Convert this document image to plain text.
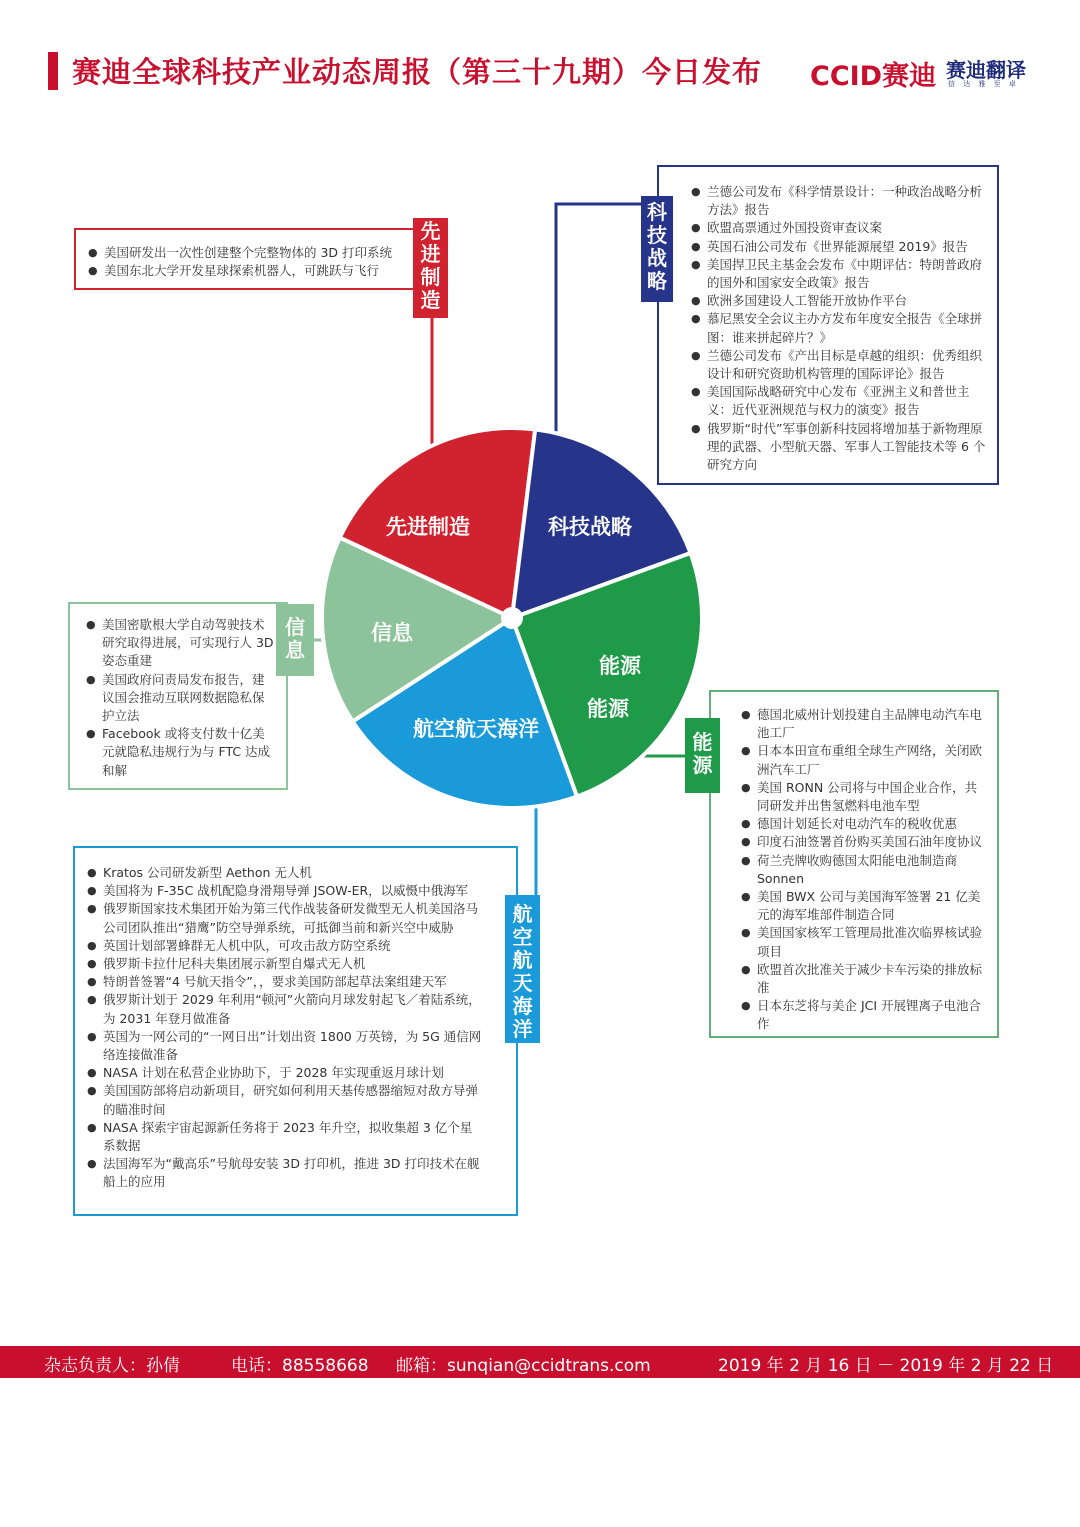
赛迪全球科技产业动态周报（第三十九期）今日发布 CCID赛迪 赛迪翻译
信 达 雅 至 卓
先进制造	科技战略
能源
航空航天海洋
信息
能源
● 美国研发出一次性创建整个完整物体的 3D 打印系统
● 美国东北大学开发星球探索机器人，可跳跃与飞行
先
进
制
造
● 兰德公司发布《科学情景设计：一种政治战略分析方法》报告
● 欧盟高票通过外国投资审查议案
● 英国石油公司发布《世界能源展望 2019》报告
● 美国捍卫民主基金会发布《中期评估：特朗普政府的国外和国家安全政策》报告
● 欧洲多国建设人工智能开放协作平台
● 慕尼黑安全会议主办方发布年度安全报告《全球拼图：谁来拼起碎片？》
● 兰德公司发布《产出目标是卓越的组织：优秀组织设计和研究资助机构管理的国际评论》报告
● 美国国际战略研究中心发布《亚洲主义和普世主义：近代亚洲规范与权力的演变》报告
● 俄罗斯“时代”军事创新科技园将增加基于新物理原理的武器、小型航天器、军事人工智能技术等 6 个研究方向
科
技
战
略
● 美国密歇根大学自动驾驶技术研究取得进展，可实现行人 3D 姿态重建
● 美国政府问责局发布报告，建议国会推动互联网数据隐私保护立法
● Facebook 或将支付数十亿美元就隐私违规行为与 FTC 达成和解
信
息
● 德国北威州计划投建自主品牌电动汽车电池工厂
● 日本本田宣布重组全球生产网络，关闭欧洲汽车工厂
● 美国 RONN 公司将与中国企业合作，共同研发并出售氢燃料电池车型
● 德国计划延长对电动汽车的税收优惠
● 印度石油签署首份购买美国石油年度协议
● 荷兰壳牌收购德国太阳能电池制造商 Sonnen
● 美国 BWX 公司与美国海军签署 21 亿美元的海军堆部件制造合同
● 美国国家核军工管理局批准次临界核试验项目
● 欧盟首次批准关于减少卡车污染的排放标准
● 日本东芝将与美企 JCI 开展锂离子电池合作
能
源
● Kratos 公司研发新型 Aethon 无人机
● 美国将为 F-35C 战机配隐身滑翔导弹 JSOW-ER，以威慑中俄海军
● 俄罗斯国家技术集团开始为第三代作战装备研发微型无人机美国洛马公司团队推出“猎鹰”防空导弹系统，可抵御当前和新兴空中威胁
● 英国计划部署蜂群无人机中队，可攻击敌方防空系统
● 俄罗斯卡拉什尼科夫集团展示新型自爆式无人机
● 特朗普签署“4 号航天指令”，，要求美国防部起草法案组建天军
● 俄罗斯计划于 2029 年利用“顿河”火箭向月球发射起飞／着陆系统，为 2031 年登月做准备
● 英国为一网公司的“一网日出”计划出资 1800 万英镑，为 5G 通信网络连接做准备
● NASA 计划在私营企业协助下，于 2028 年实现重返月球计划
● 美国国防部将启动新项目，研究如何利用天基传感器缩短对敌方导弹的瞄准时间
● NASA 探索宇宙起源新任务将于 2023 年升空，拟收集超 3 亿个星系数据
● 法国海军为“戴高乐”号航母安装 3D 打印机，推进 3D 打印技术在舰船上的应用
航
空
航
天
海
洋
杂志负责人：孙倩	电话：88558668 邮箱：sunqian@ccidtrans.com	2019 年 2 月 16 日 － 2019 年 2 月 22 日
